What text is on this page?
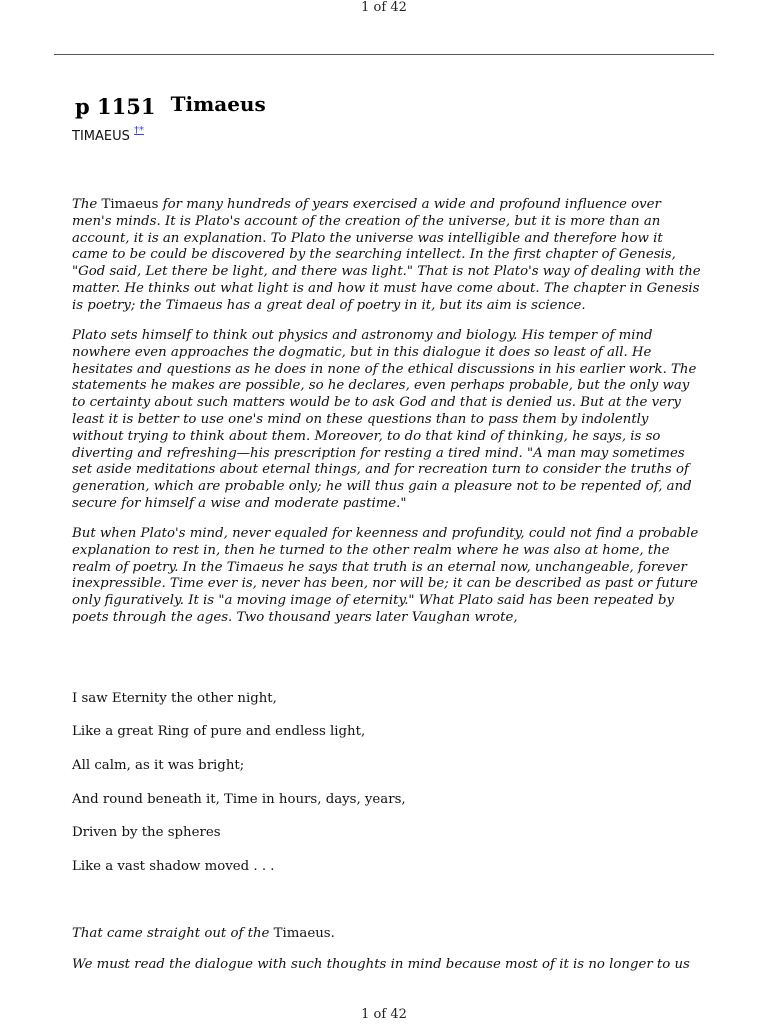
1 of 42
p 1151 Timaeus
TIMAEUS †*

The Timaeus for many hundreds of years exercised a wide and profound influence over men's minds. It is Plato's account of the creation of the universe, but it is more than an account, it is an explanation. To Plato the universe was intelligible and therefore how it came to be could be discovered by the searching intellect. In the first chapter of Genesis, "God said, Let there be light, and there was light." That is not Plato's way of dealing with the matter. He thinks out what light is and how it must have come about. The chapter in Genesis is poetry; the Timaeus has a great deal of poetry in it, but its aim is science.

Plato sets himself to think out physics and astronomy and biology. His temper of mind nowhere even approaches the dogmatic, but in this dialogue it does so least of all. He hesitates and questions as he does in none of the ethical discussions in his earlier work. The statements he makes are possible, so he declares, even perhaps probable, but the only way to certainty about such matters would be to ask God and that is denied us. But at the very least it is better to use one's mind on these questions than to pass them by indolently without trying to think about them. Moreover, to do that kind of thinking, he says, is so diverting and refreshing—his prescription for resting a tired mind. "A man may sometimes set aside meditations about eternal things, and for recreation turn to consider the truths of generation, which are probable only; he will thus gain a pleasure not to be repented of, and secure for himself a wise and moderate pastime."

But when Plato's mind, never equaled for keenness and profundity, could not find a probable explanation to rest in, then he turned to the other realm where he was also at home, the realm of poetry. In the Timaeus he says that truth is an eternal now, unchangeable, forever inexpressible. Time ever is, never has been, nor will be; it can be described as past or future only figuratively. It is "a moving image of eternity." What Plato said has been repeated by poets through the ages. Two thousand years later Vaughan wrote,

I saw Eternity the other night,
Like a great Ring of pure and endless light,
All calm, as it was bright;
And round beneath it, Time in hours, days, years,
Driven by the spheres
Like a vast shadow moved . . .

That came straight out of the Timaeus.

We must read the dialogue with such thoughts in mind because most of it is no longer to us

1 of 42
